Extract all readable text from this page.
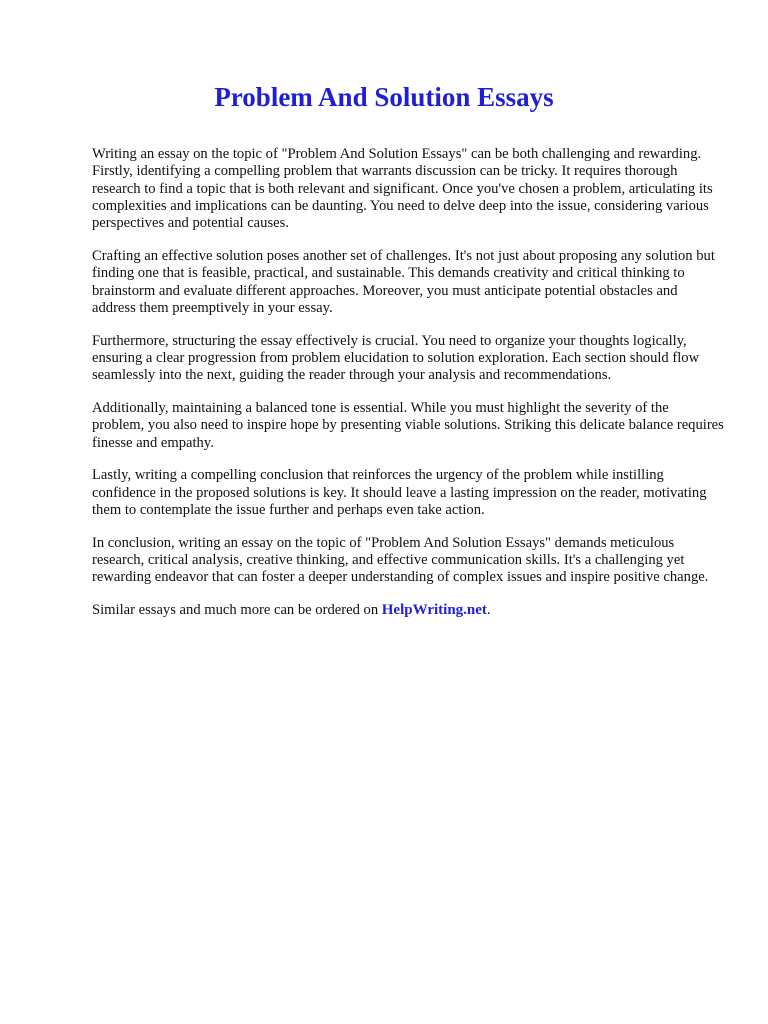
Problem And Solution Essays

Writing an essay on the topic of "Problem And Solution Essays" can be both challenging and rewarding. Firstly, identifying a compelling problem that warrants discussion can be tricky. It requires thorough research to find a topic that is both relevant and significant. Once you've chosen a problem, articulating its complexities and implications can be daunting. You need to delve deep into the issue, considering various perspectives and potential causes.

Crafting an effective solution poses another set of challenges. It's not just about proposing any solution but finding one that is feasible, practical, and sustainable. This demands creativity and critical thinking to brainstorm and evaluate different approaches. Moreover, you must anticipate potential obstacles and address them preemptively in your essay.

Furthermore, structuring the essay effectively is crucial. You need to organize your thoughts logically, ensuring a clear progression from problem elucidation to solution exploration. Each section should flow seamlessly into the next, guiding the reader through your analysis and recommendations.

Additionally, maintaining a balanced tone is essential. While you must highlight the severity of the problem, you also need to inspire hope by presenting viable solutions. Striking this delicate balance requires finesse and empathy.

Lastly, writing a compelling conclusion that reinforces the urgency of the problem while instilling confidence in the proposed solutions is key. It should leave a lasting impression on the reader, motivating them to contemplate the issue further and perhaps even take action.

In conclusion, writing an essay on the topic of "Problem And Solution Essays" demands meticulous research, critical analysis, creative thinking, and effective communication skills. It's a challenging yet rewarding endeavor that can foster a deeper understanding of complex issues and inspire positive change.

Similar essays and much more can be ordered on HelpWriting.net.
